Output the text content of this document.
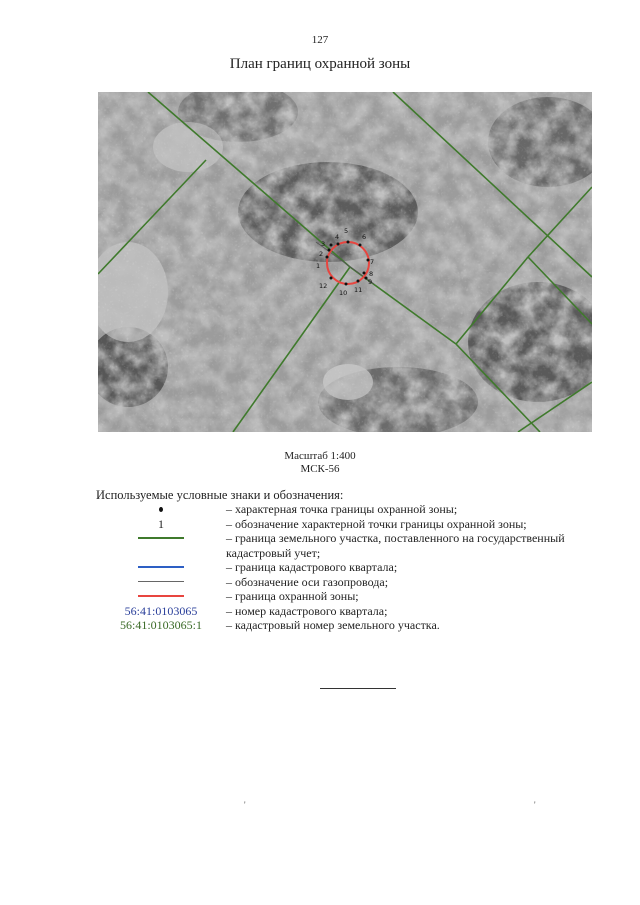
127
План границ охранной зоны
1
2
3
4
5
6
7
8
9
10 11
12
Масштаб 1:400
МСК-56
Используемые условные знаки и обозначения:
– характерная точка границы охранной зоны;
1	– обозначение характерной точки границы охранной зоны;
– граница земельного участка, поставленного на государственный кадастровый учет;
– граница кадастрового квартала;
– обозначение оси газопровода;
– граница охранной зоны;
56:41:0103065	– номер кадастрового квартала;
56:41:0103065:1	– кадастровый номер земельного участка.
'	'
